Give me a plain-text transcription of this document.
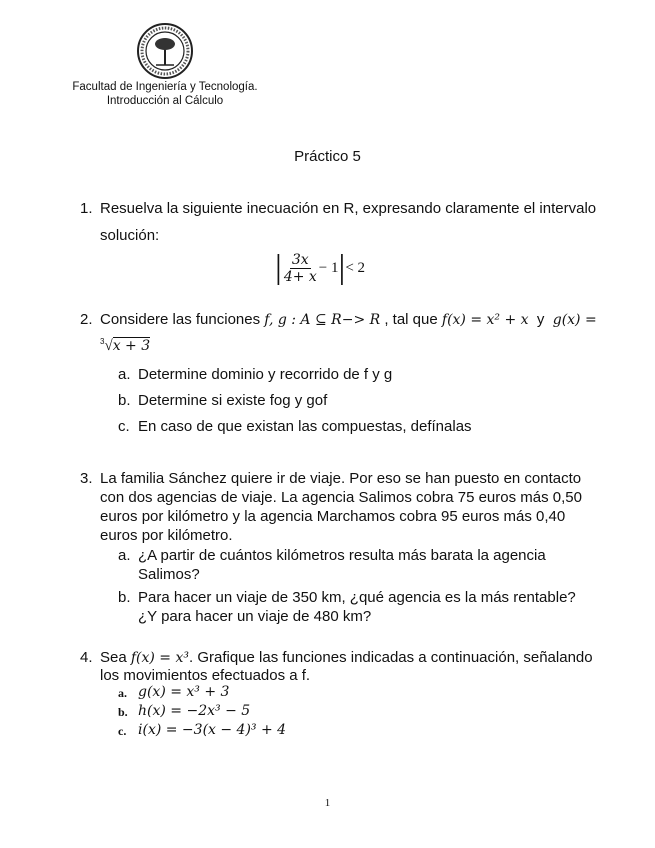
Facultad de Ingeniería y Tecnología.
Introducción al Cálculo
Práctico 5
1. Resuelva la siguiente inecuación en R, expresando claramente el intervalo
solución:
| $\frac{3x}{4+ x} - 1$ | < 2
2. Considere las funciones f, g : A ⊆ R−> R , tal que f(x) = x² + x  y  g(x) =
$^3$√x + 3
a. Determine dominio y recorrido de f y g
b. Determine si existe fog y gof
c. En caso de que existan las compuestas, defínalas
3. La familia Sánchez quiere ir de viaje. Por eso se han puesto en contacto
con dos agencias de viaje. La agencia Salimos cobra 75 euros más 0,50
euros por kilómetro y la agencia Marchamos cobra 95 euros más 0,40
euros por kilómetro.
a. ¿A partir de cuántos kilómetros resulta más barata la agencia
Salimos?
b. Para hacer un viaje de 350 km, ¿qué agencia es la más rentable?
¿Y para hacer un viaje de 480 km?
4. Sea f(x) = x³. Grafique las funciones indicadas a continuación, señalando
los movimientos efectuados a f.
a. g(x) = x³ + 3
b. h(x) = −2x³ − 5
c. i(x) = −3(x − 4)³ + 4
1
